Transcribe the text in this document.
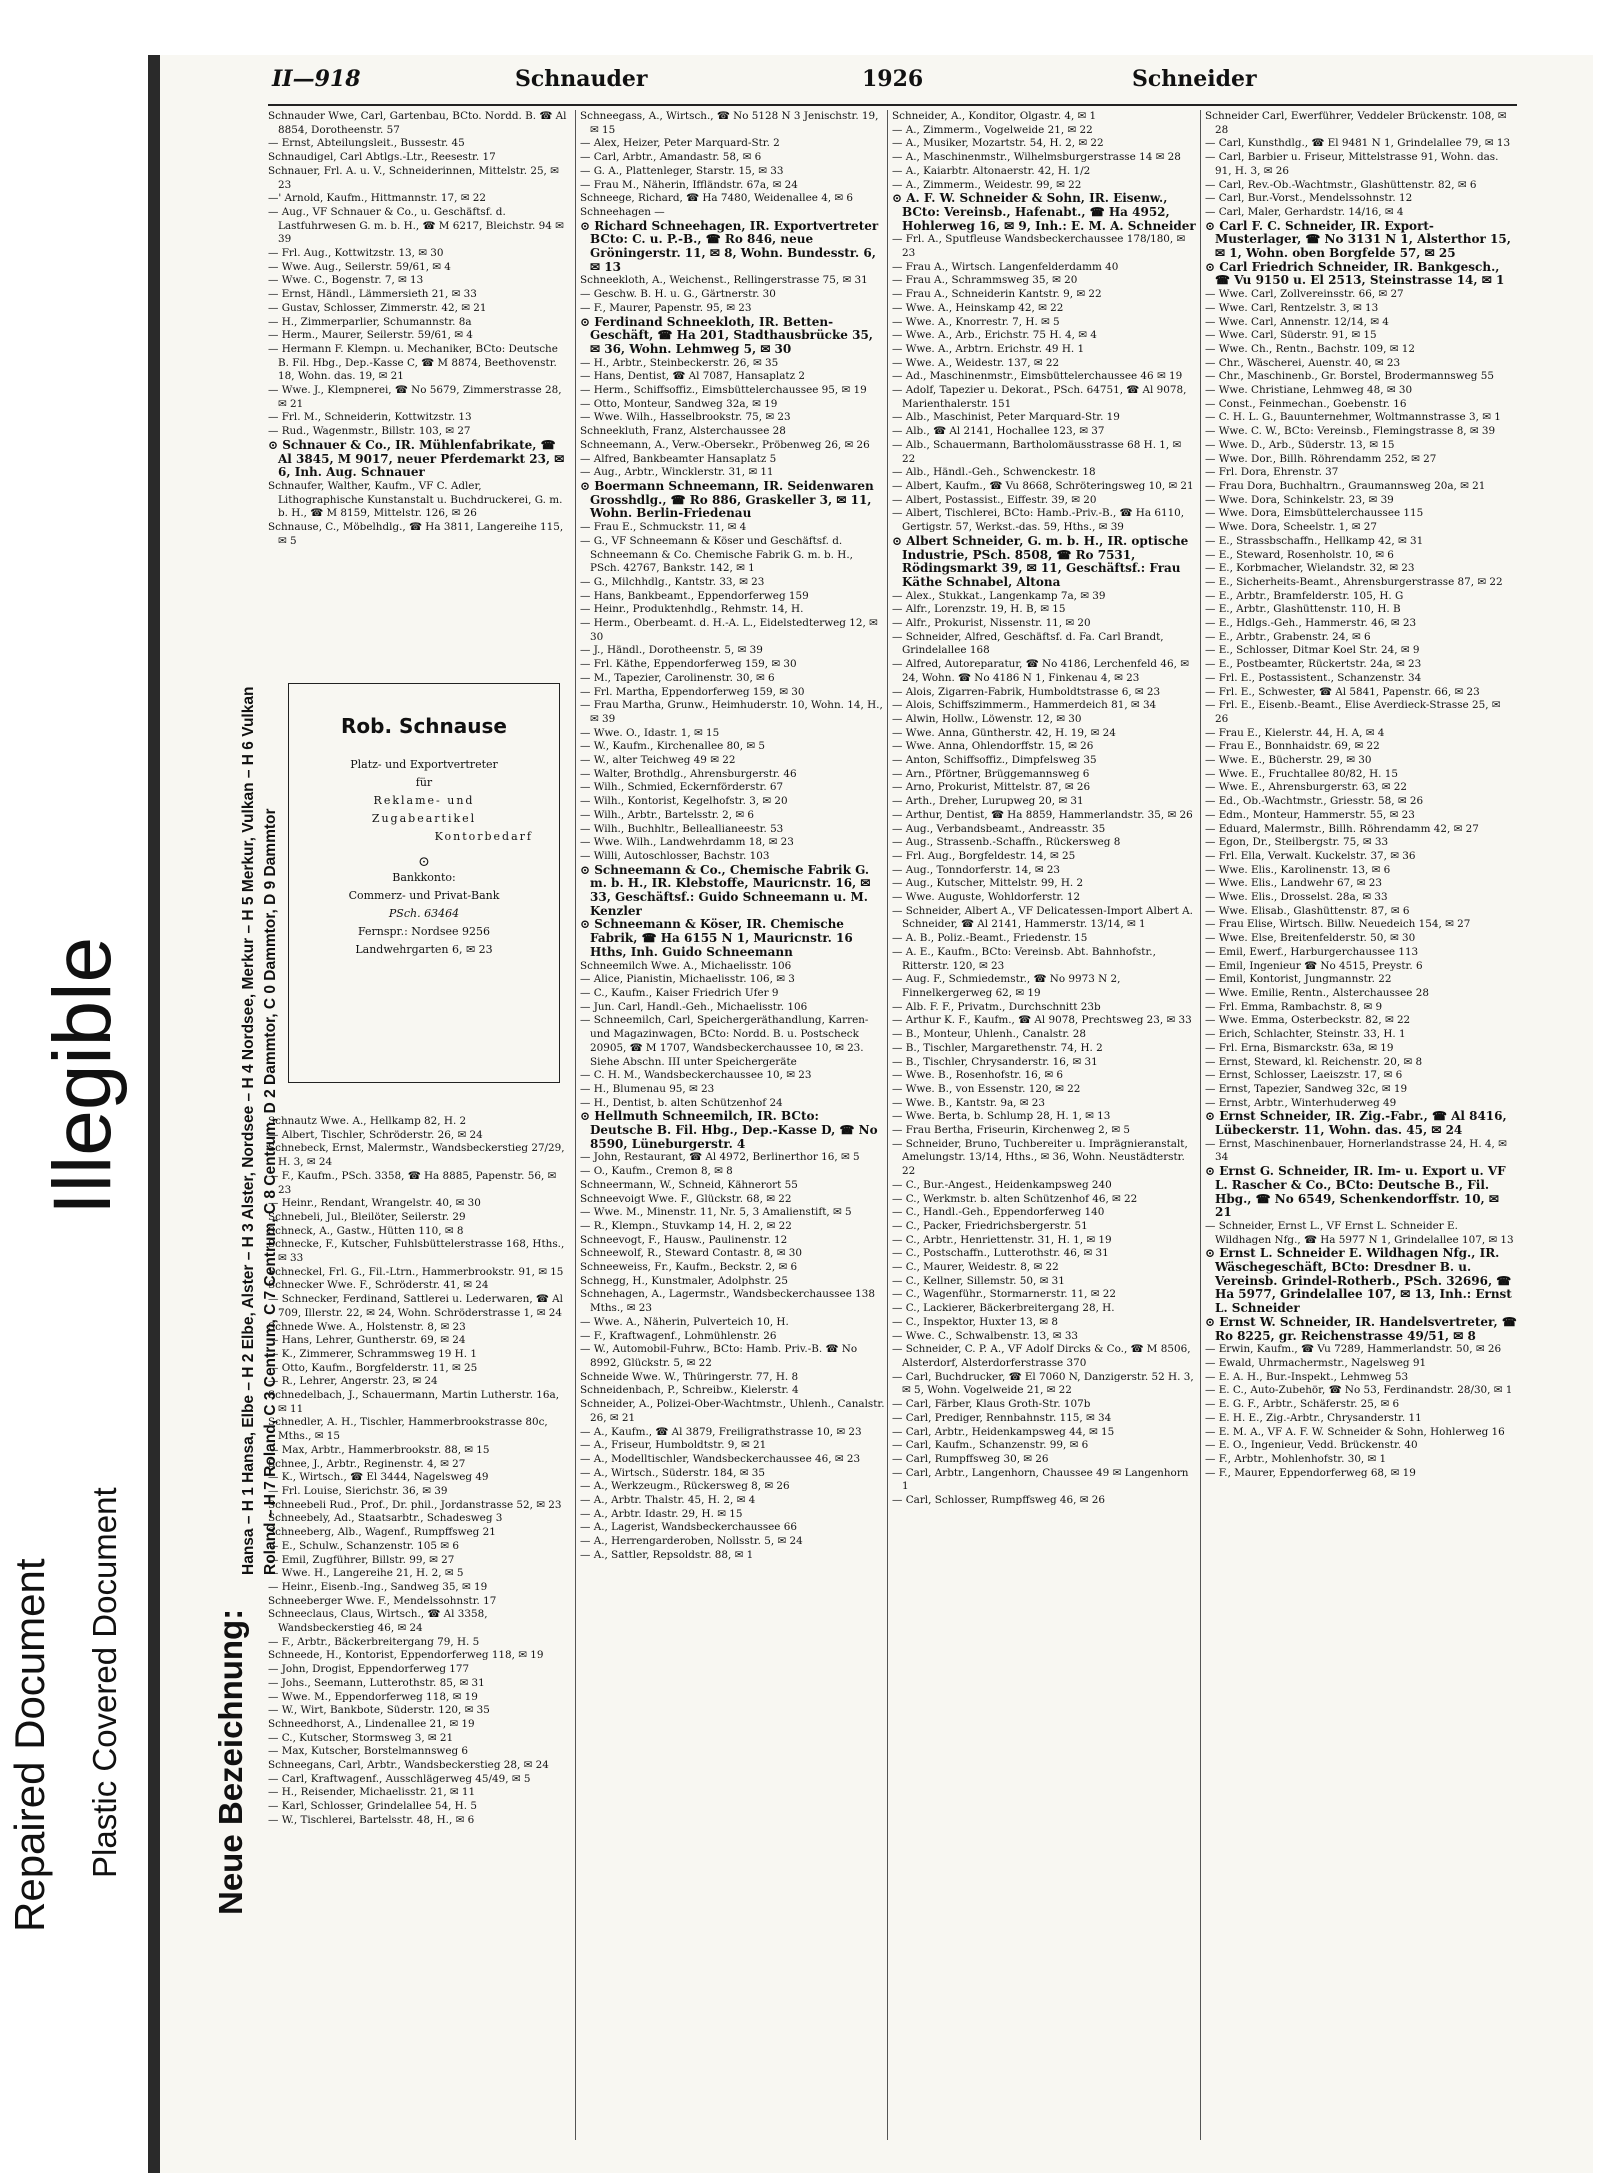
Repaired Document Plastic Covered Document
Illegible
Neue Bezeichnung:
Hansa – H 1 Hansa, Elbe – H 2 Elbe, Alster – H 3 Alster, Nordsee – H 4 Nordsee, Merkur – H 5 Merkur, Vulkan – H 6 Vulkan Roland – H 7 Roland, C 3 Centrum, C 7 Centrum, C 8 Centrum, D 2 Dammtor, C 0 Dammtor, D 9 Dammtor
II—918	Schnauder	1926	Schneider
Schnauder Wwe, Carl, Gartenbau, BCto. Nordd. B. ☎ Al 8854, Dorotheenstr. 57
— Ernst, Abteilungsleit., Bussestr. 45
Schnaudigel, Carl Abtlgs.-Ltr., Reesestr. 17
Schnauer, Frl. A. u. V., Schneiderinnen, Mittelstr. 25, ✉ 23
—' Arnold, Kaufm., Hittmannstr. 17, ✉ 22
— Aug., VF Schnauer & Co., u. Geschäftsf. d. Lastfuhrwesen G. m. b. H., ☎ M 6217, Bleichstr. 94 ✉ 39
— Frl. Aug., Kottwitzstr. 13, ✉ 30
— Wwe. Aug., Seilerstr. 59/61, ✉ 4
— Wwe. C., Bogenstr. 7, ✉ 13
— Ernst, Händl., Lämmersieth 21, ✉ 33
— Gustav, Schlosser, Zimmerstr. 42, ✉ 21
— H., Zimmerparlier, Schumannstr. 8a
— Herm., Maurer, Seilerstr. 59/61, ✉ 4
— Hermann F. Klempn. u. Mechaniker, BCto: Deutsche B. Fil. Hbg., Dep.-Kasse C, ☎ M 8874, Beethovenstr. 18, Wohn. das. 19, ✉ 21
— Wwe. J., Klempnerei, ☎ No 5679, Zimmerstrasse 28, ✉ 21
— Frl. M., Schneiderin, Kottwitzstr. 13
— Rud., Wagenmstr., Billstr. 103, ✉ 27
⊙ Schnauer & Co., IR. Mühlenfabrikate, ☎ Al 3845, M 9017, neuer Pferdemarkt 23, ✉ 6, Inh. Aug. Schnauer
Schnaufer, Walther, Kaufm., VF C. Adler, Lithographische Kunstanstalt u. Buchdruckerei, G. m. b. H., ☎ M 8159, Mittelstr. 126, ✉ 26
Schnause, C., Möbelhdlg., ☎ Ha 3811, Langereihe 115, ✉ 5
Rob. Schnause
Platz- und Exportvertreter
für
Reklame- und
Zugabeartikel
Kontorbedarf
⊙
Bankkonto:
Commerz- und Privat-Bank
PSch. 63464
Fernspr.: Nordsee 9256
Landwehrgarten 6, ✉ 23
Schnautz Wwe. A., Hellkamp 82, H. 2
— Albert, Tischler, Schröderstr. 26, ✉ 24
Schnebeck, Ernst, Malermstr., Wandsbeckerstieg 27/29, H. 3, ✉ 24
— F., Kaufm., PSch. 3358, ☎ Ha 8885, Papenstr. 56, ✉ 23
— Heinr., Rendant, Wrangelstr. 40, ✉ 30
Schnebeli, Jul., Bleilöter, Seilerstr. 29
Schneck, A., Gastw., Hütten 110, ✉ 8
Schnecke, F., Kutscher, Fuhlsbüttelerstrasse 168, Hths., ✉ 33
Schneckel, Frl. G., Fil.-Ltrn., Hammerbrookstr. 91, ✉ 15
Schnecker Wwe. F., Schröderstr. 41, ✉ 24
— Schnecker, Ferdinand, Sattlerei u. Lederwaren, ☎ Al 709, Illerstr. 22, ✉ 24, Wohn. Schröderstrasse 1, ✉ 24
Schnede Wwe. A., Holstenstr. 8, ✉ 23
— Hans, Lehrer, Guntherstr. 69, ✉ 24
— K., Zimmerer, Schrammsweg 19 H. 1
— Otto, Kaufm., Borgfelderstr. 11, ✉ 25
— R., Lehrer, Angerstr. 23, ✉ 24
Schnedelbach, J., Schauermann, Martin Lutherstr. 16a, ✉ 11
Schnedler, A. H., Tischler, Hammerbrookstrasse 80c, Mths., ✉ 15
— Max, Arbtr., Hammerbrookstr. 88, ✉ 15
Schnee, J., Arbtr., Reginenstr. 4, ✉ 27
— K., Wirtsch., ☎ El 3444, Nagelsweg 49
— Frl. Louise, Sierichstr. 36, ✉ 39
Schneebeli Rud., Prof., Dr. phil., Jordanstrasse 52, ✉ 23
Schneebely, Ad., Staatsarbtr., Schadesweg 3
Schneeberg, Alb., Wagenf., Rumpffsweg 21
— E., Schulw., Schanzenstr. 105 ✉ 6
— Emil, Zugführer, Billstr. 99, ✉ 27
— Wwe. H., Langereihe 21, H. 2, ✉ 5
— Heinr., Eisenb.-Ing., Sandweg 35, ✉ 19
Schneeberger Wwe. F., Mendelssohnstr. 17
Schneeclaus, Claus, Wirtsch., ☎ Al 3358, Wandsbeckerstieg 46, ✉ 24
— F., Arbtr., Bäckerbreitergang 79, H. 5
Schneede, H., Kontorist, Eppendorferweg 118, ✉ 19
— John, Drogist, Eppendorferweg 177
— Johs., Seemann, Lutterothstr. 85, ✉ 31
— Wwe. M., Eppendorferweg 118, ✉ 19
— W., Wirt, Bankbote, Süderstr. 120, ✉ 35
Schneedhorst, A., Lindenallee 21, ✉ 19
— C., Kutscher, Stormsweg 3, ✉ 21
— Max, Kutscher, Borstelmannsweg 6
Schneegans, Carl, Arbtr., Wandsbeckerstieg 28, ✉ 24
— Carl, Kraftwagenf., Ausschlägerweg 45/49, ✉ 5
— H., Reisender, Michaelisstr. 21, ✉ 11
— Karl, Schlosser, Grindelallee 54, H. 5
— W., Tischlerei, Bartelsstr. 48, H., ✉ 6
Schneegass, A., Wirtsch., ☎ No 5128 N 3 Jenischstr. 19, ✉ 15
— Alex, Heizer, Peter Marquard-Str. 2
— Carl, Arbtr., Amandastr. 58, ✉ 6
— G. A., Plattenleger, Starstr. 15, ✉ 33
— Frau M., Näherin, Iffländstr. 67a, ✉ 24
Schneege, Richard, ☎ Ha 7480, Weidenallee 4, ✉ 6
Schneehagen —
⊙ Richard Schneehagen, IR. Exportvertreter BCto: C. u. P.-B., ☎ Ro 846, neue Gröningerstr. 11, ✉ 8, Wohn. Bundesstr. 6, ✉ 13
Schneekloth, A., Weichenst., Rellingerstrasse 75, ✉ 31
— Geschw. B. H. u. G., Gärtnerstr. 30
— F., Maurer, Papenstr. 95, ✉ 23
⊙ Ferdinand Schneekloth, IR. Betten-Geschäft, ☎ Ha 201, Stadthausbrücke 35, ✉ 36, Wohn. Lehmweg 5, ✉ 30
— H., Arbtr., Steinbeckerstr. 26, ✉ 35
— Hans, Dentist, ☎ Al 7087, Hansaplatz 2
— Herm., Schiffsoffiz., Eimsbüttelerchaussee 95, ✉ 19
— Otto, Monteur, Sandweg 32a, ✉ 19
— Wwe. Wilh., Hasselbrookstr. 75, ✉ 23
Schneekluth, Franz, Alsterchaussee 28
Schneemann, A., Verw.-Obersekr., Pröbenweg 26, ✉ 26
— Alfred, Bankbeamter Hansaplatz 5
— Aug., Arbtr., Wincklerstr. 31, ✉ 11
⊙ Boermann Schneemann, IR. Seidenwaren Grosshdlg., ☎ Ro 886, Graskeller 3, ✉ 11, Wohn. Berlin-Friedenau
— Frau E., Schmuckstr. 11, ✉ 4
— G., VF Schneemann & Köser und Geschäftsf. d. Schneemann & Co. Chemische Fabrik G. m. b. H., PSch. 42767, Bankstr. 142, ✉ 1
— G., Milchhdlg., Kantstr. 33, ✉ 23
— Hans, Bankbeamt., Eppendorferweg 159
— Heinr., Produktenhdlg., Rehmstr. 14, H.
— Herm., Oberbeamt. d. H.-A. L., Eidelstedterweg 12, ✉ 30
— J., Händl., Dorotheenstr. 5, ✉ 39
— Frl. Käthe, Eppendorferweg 159, ✉ 30
— M., Tapezier, Carolinenstr. 30, ✉ 6
— Frl. Martha, Eppendorferweg 159, ✉ 30
— Frau Martha, Grunw., Heimhuderstr. 10, Wohn. 14, H., ✉ 39
— Wwe. O., Idastr. 1, ✉ 15
— W., Kaufm., Kirchenallee 80, ✉ 5
— W., alter Teichweg 49 ✉ 22
— Walter, Brothdlg., Ahrensburgerstr. 46
— Wilh., Schmied, Eckernförderstr. 67
— Wilh., Kontorist, Kegelhofstr. 3, ✉ 20
— Wilh., Arbtr., Bartelsstr. 2, ✉ 6
— Wilh., Buchhltr., Belleallianeestr. 53
— Wwe. Wilh., Landwehrdamm 18, ✉ 23
— Willi, Autoschlosser, Bachstr. 103
⊙ Schneemann & Co., Chemische Fabrik G. m. b. H., IR. Klebstoffe, Mauricnstr. 16, ✉ 33, Geschäftsf.: Guido Schneemann u. M. Kenzler
⊙ Schneemann & Köser, IR. Chemische Fabrik, ☎ Ha 6155 N 1, Mauricnstr. 16 Hths, Inh. Guido Schneemann
Schneemilch Wwe. A., Michaelisstr. 106
— Alice, Pianistin, Michaelisstr. 106, ✉ 3
— C., Kaufm., Kaiser Friedrich Ufer 9
— Jun. Carl, Handl.-Geh., Michaelisstr. 106
— Schneemilch, Carl, Speichergeräthandlung, Karren- und Magazinwagen, BCto: Nordd. B. u. Postscheck 20905, ☎ M 1707, Wandsbeckerchaussee 10, ✉ 23. Siehe Abschn. III unter Speichergeräte
— C. H. M., Wandsbeckerchaussee 10, ✉ 23
— H., Blumenau 95, ✉ 23
— H., Dentist, b. alten Schützenhof 24
⊙ Hellmuth Schneemilch, IR. BCto: Deutsche B. Fil. Hbg., Dep.-Kasse D, ☎ No 8590, Lüneburgerstr. 4
— John, Restaurant, ☎ Al 4972, Berlinerthor 16, ✉ 5
— O., Kaufm., Cremon 8, ✉ 8
Schneermann, W., Schneid, Kähnerort 55
Schneevoigt Wwe. F., Glückstr. 68, ✉ 22
— Wwe. M., Minenstr. 11, Nr. 5, 3 Amalienstift, ✉ 5
— R., Klempn., Stuvkamp 14, H. 2, ✉ 22
Schneevogt, F., Hausw., Paulinenstr. 12
Schneewolf, R., Steward Contastr. 8, ✉ 30
Schneeweiss, Fr., Kaufm., Beckstr. 2, ✉ 6
Schnegg, H., Kunstmaler, Adolphstr. 25
Schnehagen, A., Lagermstr., Wandsbeckerchaussee 138 Mths., ✉ 23
— Wwe. A., Näherin, Pulverteich 10, H.
— F., Kraftwagenf., Lohmühlenstr. 26
— W., Automobil-Fuhrw., BCto: Hamb. Priv.-B. ☎ No 8992, Glückstr. 5, ✉ 22
Schneide Wwe. W., Thüringerstr. 77, H. 8
Schneidenbach, P., Schreibw., Kielerstr. 4
Schneider, A., Polizei-Ober-Wachtmstr., Uhlenh., Canalstr. 26, ✉ 21
— A., Kaufm., ☎ Al 3879, Freiligrathstrasse 10, ✉ 23
— A., Friseur, Humboldtstr. 9, ✉ 21
— A., Modelltischler, Wandsbeckerchaussee 46, ✉ 23
— A., Wirtsch., Süderstr. 184, ✉ 35
— A., Werkzeugm., Rückersweg 8, ✉ 26
— A., Arbtr. Thalstr. 45, H. 2, ✉ 4
— A., Arbtr. Idastr. 29, H. ✉ 15
— A., Lagerist, Wandsbeckerchaussee 66
— A., Herrengarderoben, Nollsstr. 5, ✉ 24
— A., Sattler, Repsoldstr. 88, ✉ 1
Schneider, A., Konditor, Olgastr. 4, ✉ 1
— A., Zimmerm., Vogelweide 21, ✉ 22
— A., Musiker, Mozartstr. 54, H. 2, ✉ 22
— A., Maschinenmstr., Wilhelmsburgerstrasse 14 ✉ 28
— A., Kaiarbtr. Altonaerstr. 42, H. 1/2
— A., Zimmerm., Weidestr. 99, ✉ 22
⊙ A. F. W. Schneider & Sohn, IR. Eisenw., BCto: Vereinsb., Hafenabt., ☎ Ha 4952, Hohlerweg 16, ✉ 9, Inh.: E. M. A. Schneider
— Frl. A., Sputfleuse Wandsbeckerchaussee 178/180, ✉ 23
— Frau A., Wirtsch. Langenfelderdamm 40
— Frau A., Schrammsweg 35, ✉ 20
— Frau A., Schneiderin Kantstr. 9, ✉ 22
— Wwe. A., Heinskamp 42, ✉ 22
— Wwe. A., Knorrestr. 7, H. ✉ 5
— Wwe. A., Arb., Erichstr. 75 H. 4, ✉ 4
— Wwe. A., Arbtrn. Erichstr. 49 H. 1
— Wwe. A., Weidestr. 137, ✉ 22
— Ad., Maschinenmstr., Eimsbüttelerchaussee 46 ✉ 19
— Adolf, Tapezier u. Dekorat., PSch. 64751, ☎ Al 9078, Marienthalerstr. 151
— Alb., Maschinist, Peter Marquard-Str. 19
— Alb., ☎ Al 2141, Hochallee 123, ✉ 37
— Alb., Schauermann, Bartholomäusstrasse 68 H. 1, ✉ 22
— Alb., Händl.-Geh., Schwenckestr. 18
— Albert, Kaufm., ☎ Vu 8668, Schröteringsweg 10, ✉ 21
— Albert, Postassist., Eiffestr. 39, ✉ 20
— Albert, Tischlerei, BCto: Hamb.-Priv.-B., ☎ Ha 6110, Gertigstr. 57, Werkst.-das. 59, Hths., ✉ 39
⊙ Albert Schneider, G. m. b. H., IR. optische Industrie, PSch. 8508, ☎ Ro 7531, Rödingsmarkt 39, ✉ 11, Geschäftsf.: Frau Käthe Schnabel, Altona
— Alex., Stukkat., Langenkamp 7a, ✉ 39
— Alfr., Lorenzstr. 19, H. B, ✉ 15
— Alfr., Prokurist, Nissenstr. 11, ✉ 20
— Schneider, Alfred, Geschäftsf. d. Fa. Carl Brandt, Grindelallee 168
— Alfred, Autoreparatur, ☎ No 4186, Lerchenfeld 46, ✉ 24, Wohn. ☎ No 4186 N 1, Finkenau 4, ✉ 23
— Alois, Zigarren-Fabrik, Humboldtstrasse 6, ✉ 23
— Alois, Schiffszimmerm., Hammerdeich 81, ✉ 34
— Alwin, Hollw., Löwenstr. 12, ✉ 30
— Wwe. Anna, Güntherstr. 42, H. 19, ✉ 24
— Wwe. Anna, Ohlendorffstr. 15, ✉ 26
— Anton, Schiffsoffiz., Dimpfelsweg 35
— Arn., Pförtner, Brüggemannsweg 6
— Arno, Prokurist, Mittelstr. 87, ✉ 26
— Arth., Dreher, Lurupweg 20, ✉ 31
— Arthur, Dentist, ☎ Ha 8859, Hammerlandstr. 35, ✉ 26
— Aug., Verbandsbeamt., Andreasstr. 35
— Aug., Strassenb.-Schaffn., Rückersweg 8
— Frl. Aug., Borgfeldestr. 14, ✉ 25
— Aug., Tonndorferstr. 14, ✉ 23
— Aug., Kutscher, Mittelstr. 99, H. 2
— Wwe. Auguste, Wohldorferstr. 12
— Schneider, Albert A., VF Delicatessen-Import Albert A. Schneider, ☎ Al 2141, Hammerstr. 13/14, ✉ 1
— A. B., Poliz.-Beamt., Friedenstr. 15
— A. E., Kaufm., BCto: Vereinsb. Abt. Bahnhofstr., Ritterstr. 120, ✉ 23
— Aug. F., Schmiedemstr., ☎ No 9973 N 2, Finnelkergerweg 62, ✉ 19
— Alb. F. F., Privatm., Durchschnitt 23b
— Arthur K. F., Kaufm., ☎ Al 9078, Prechtsweg 23, ✉ 33
— B., Monteur, Uhlenh., Canalstr. 28
— B., Tischler, Margarethenstr. 74, H. 2
— B., Tischler, Chrysanderstr. 16, ✉ 31
— Wwe. B., Rosenhofstr. 16, ✉ 6
— Wwe. B., von Essenstr. 120, ✉ 22
— Wwe. B., Kantstr. 9a, ✉ 23
— Wwe. Berta, b. Schlump 28, H. 1, ✉ 13
— Frau Bertha, Friseurin, Kirchenweg 2, ✉ 5
— Schneider, Bruno, Tuchbereiter u. Imprägnieranstalt, Amelungstr. 13/14, Hths., ✉ 36, Wohn. Neustädterstr. 22
— C., Bur.-Angest., Heidenkampsweg 240
— C., Werkmstr. b. alten Schützenhof 46, ✉ 22
— C., Handl.-Geh., Eppendorferweg 140
— C., Packer, Friedrichsbergerstr. 51
— C., Arbtr., Henriettenstr. 31, H. 1, ✉ 19
— C., Postschaffn., Lutterothstr. 46, ✉ 31
— C., Maurer, Weidestr. 8, ✉ 22
— C., Kellner, Sillemstr. 50, ✉ 31
— C., Wagenführ., Stormarnerstr. 11, ✉ 22
— C., Lackierer, Bäckerbreitergang 28, H.
— C., Inspektor, Huxter 13, ✉ 8
— Wwe. C., Schwalbenstr. 13, ✉ 33
— Schneider, C. P. A., VF Adolf Dircks & Co., ☎ M 8506, Alsterdorf, Alsterdorferstrasse 370
— Carl, Buchdrucker, ☎ El 7060 N, Danzigerstr. 52 H. 3, ✉ 5, Wohn. Vogelweide 21, ✉ 22
— Carl, Färber, Klaus Groth-Str. 107b
— Carl, Prediger, Rennbahnstr. 115, ✉ 34
— Carl, Arbtr., Heidenkampsweg 44, ✉ 15
— Carl, Kaufm., Schanzenstr. 99, ✉ 6
— Carl, Rumpffsweg 30, ✉ 26
— Carl, Arbtr., Langenhorn, Chaussee 49 ✉ Langenhorn 1
— Carl, Schlosser, Rumpffsweg 46, ✉ 26
Schneider Carl, Ewerführer, Veddeler Brückenstr. 108, ✉ 28
— Carl, Kunsthdlg., ☎ El 9481 N 1, Grindelallee 79, ✉ 13
— Carl, Barbier u. Friseur, Mittelstrasse 91, Wohn. das. 91, H. 3, ✉ 26
— Carl, Rev.-Ob.-Wachtmstr., Glashüttenstr. 82, ✉ 6
— Carl, Bur.-Vorst., Mendelssohnstr. 12
— Carl, Maler, Gerhardstr. 14/16, ✉ 4
⊙ Carl F. C. Schneider, IR. Export-Musterlager, ☎ No 3131 N 1, Alsterthor 15, ✉ 1, Wohn. oben Borgfelde 57, ✉ 25
⊙ Carl Friedrich Schneider, IR. Bankgesch., ☎ Vu 9150 u. El 2513, Steinstrasse 14, ✉ 1
— Wwe. Carl, Zollvereinsstr. 66, ✉ 27
— Wwe. Carl, Rentzelstr. 3, ✉ 13
— Wwe. Carl, Annenstr. 12/14, ✉ 4
— Wwe. Carl, Süderstr. 91, ✉ 15
— Wwe. Ch., Rentn., Bachstr. 109, ✉ 12
— Chr., Wäscherei, Auenstr. 40, ✉ 23
— Chr., Maschinenb., Gr. Borstel, Brodermannsweg 55
— Wwe. Christiane, Lehmweg 48, ✉ 30
— Const., Feinmechan., Goebenstr. 16
— C. H. L. G., Bauunternehmer, Woltmannstrasse 3, ✉ 1
— Wwe. C. W., BCto: Vereinsb., Flemingstrasse 8, ✉ 39
— Wwe. D., Arb., Süderstr. 13, ✉ 15
— Wwe. Dor., Billh. Röhrendamm 252, ✉ 27
— Frl. Dora, Ehrenstr. 37
— Frau Dora, Buchhaltrn., Graumannsweg 20a, ✉ 21
— Wwe. Dora, Schinkelstr. 23, ✉ 39
— Wwe. Dora, Eimsbüttelerchaussee 115
— Wwe. Dora, Scheelstr. 1, ✉ 27
— E., Strassbschaffn., Hellkamp 42, ✉ 31
— E., Steward, Rosenholstr. 10, ✉ 6
— E., Korbmacher, Wielandstr. 32, ✉ 23
— E., Sicherheits-Beamt., Ahrensburgerstrasse 87, ✉ 22
— E., Arbtr., Bramfelderstr. 105, H. G
— E., Arbtr., Glashüttenstr. 110, H. B
— E., Hdlgs.-Geh., Hammerstr. 46, ✉ 23
— E., Arbtr., Grabenstr. 24, ✉ 6
— E., Schlosser, Ditmar Koel Str. 24, ✉ 9
— E., Postbeamter, Rückertstr. 24a, ✉ 23
— Frl. E., Postassistent., Schanzenstr. 34
— Frl. E., Schwester, ☎ Al 5841, Papenstr. 66, ✉ 23
— Frl. E., Eisenb.-Beamt., Elise Averdieck-Strasse 25, ✉ 26
— Frau E., Kielerstr. 44, H. A, ✉ 4
— Frau E., Bonnhaidstr. 69, ✉ 22
— Wwe. E., Bücherstr. 29, ✉ 30
— Wwe. E., Fruchtallee 80/82, H. 15
— Wwe. E., Ahrensburgerstr. 63, ✉ 22
— Ed., Ob.-Wachtmstr., Griesstr. 58, ✉ 26
— Edm., Monteur, Hammerstr. 55, ✉ 23
— Eduard, Malermstr., Billh. Röhrendamm 42, ✉ 27
— Egon, Dr., Steilbergstr. 75, ✉ 33
— Frl. Ella, Verwalt. Kuckelstr. 37, ✉ 36
— Wwe. Elis., Karolinenstr. 13, ✉ 6
— Wwe. Elis., Landwehr 67, ✉ 23
— Wwe. Elis., Drosselst. 28a, ✉ 33
— Wwe. Elisab., Glashüttenstr. 87, ✉ 6
— Frau Elise, Wirtsch. Billw. Neuedeich 154, ✉ 27
— Wwe. Else, Breitenfelderstr. 50, ✉ 30
— Emil, Ewerf., Harburgerchaussee 113
— Emil, Ingenieur ☎ No 4515, Preystr. 6
— Emil, Kontorist, Jungmannstr. 22
— Wwe. Emilie, Rentn., Alsterchaussee 28
— Frl. Emma, Rambachstr. 8, ✉ 9
— Wwe. Emma, Osterbeckstr. 82, ✉ 22
— Erich, Schlachter, Steinstr. 33, H. 1
— Frl. Erna, Bismarckstr. 63a, ✉ 19
— Ernst, Steward, kl. Reichenstr. 20, ✉ 8
— Ernst, Schlosser, Laeiszstr. 17, ✉ 6
— Ernst, Tapezier, Sandweg 32c, ✉ 19
— Ernst, Arbtr., Winterhuderweg 49
⊙ Ernst Schneider, IR. Zig.-Fabr., ☎ Al 8416, Lübeckerstr. 11, Wohn. das. 45, ✉ 24
— Ernst, Maschinenbauer, Hornerlandstrasse 24, H. 4, ✉ 34
⊙ Ernst G. Schneider, IR. Im- u. Export u. VF L. Rascher & Co., BCto: Deutsche B., Fil. Hbg., ☎ No 6549, Schenkendorffstr. 10, ✉ 21
— Schneider, Ernst L., VF Ernst L. Schneider E. Wildhagen Nfg., ☎ Ha 5977 N 1, Grindelallee 107, ✉ 13
⊙ Ernst L. Schneider E. Wildhagen Nfg., IR. Wäschegeschäft, BCto: Dresdner B. u. Vereinsb. Grindel-Rotherb., PSch. 32696, ☎ Ha 5977, Grindelallee 107, ✉ 13, Inh.: Ernst L. Schneider
⊙ Ernst W. Schneider, IR. Handelsvertreter, ☎ Ro 8225, gr. Reichenstrasse 49/51, ✉ 8
— Erwin, Kaufm., ☎ Vu 7289, Hammerlandstr. 50, ✉ 26
— Ewald, Uhrmachermstr., Nagelsweg 91
— E. A. H., Bur.-Inspekt., Lehmweg 53
— E. C., Auto-Zubehör, ☎ No 53, Ferdinandstr. 28/30, ✉ 1
— E. G. F., Arbtr., Schäferstr. 25, ✉ 6
— E. H. E., Zig.-Arbtr., Chrysanderstr. 11
— E. M. A., VF A. F. W. Schneider & Sohn, Hohlerweg 16
— E. O., Ingenieur, Vedd. Brückenstr. 40
— F., Arbtr., Mohlenhofstr. 30, ✉ 1
— F., Maurer, Eppendorferweg 68, ✉ 19
